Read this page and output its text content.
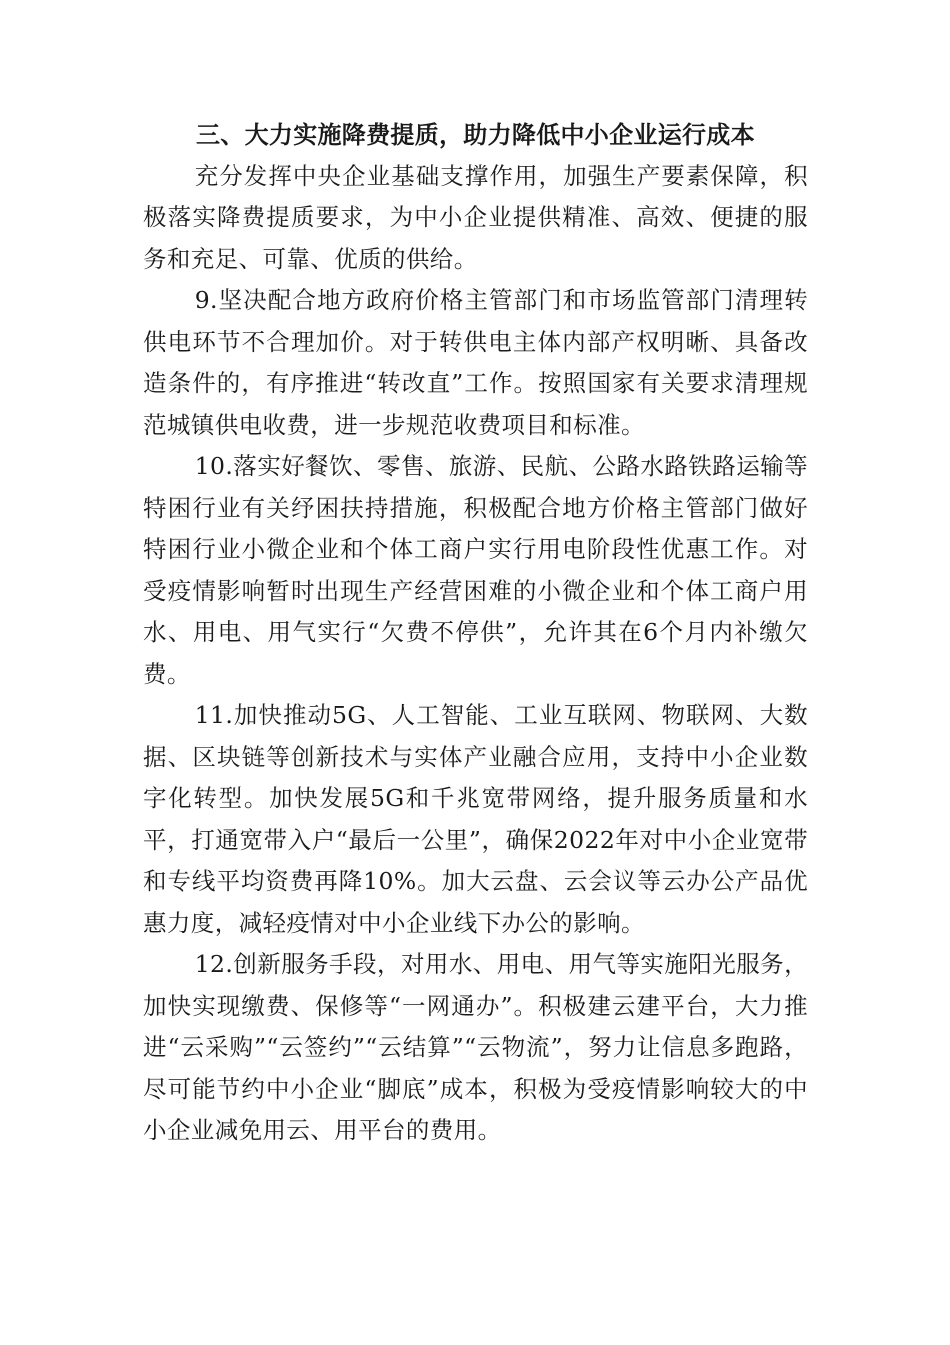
三、大力实施降费提质，助力降低中小企业运行成本

充分发挥中央企业基础支撑作用，加强生产要素保障，积极落实降费提质要求，为中小企业提供精准、高效、便捷的服务和充足、可靠、优质的供给。

9.坚决配合地方政府价格主管部门和市场监管部门清理转供电环节不合理加价。对于转供电主体内部产权明晰、具备改造条件的，有序推进“转改直”工作。按照国家有关要求清理规范城镇供电收费，进一步规范收费项目和标准。

10.落实好餐饮、零售、旅游、民航、公路水路铁路运输等特困行业有关纾困扶持措施，积极配合地方价格主管部门做好特困行业小微企业和个体工商户实行用电阶段性优惠工作。对受疫情影响暂时出现生产经营困难的小微企业和个体工商户用水、用电、用气实行“欠费不停供”，允许其在6个月内补缴欠费。

11.加快推动5G、人工智能、工业互联网、物联网、大数据、区块链等创新技术与实体产业融合应用，支持中小企业数字化转型。加快发展5G和千兆宽带网络，提升服务质量和水平，打通宽带入户“最后一公里”，确保2022年对中小企业宽带和专线平均资费再降10%。加大云盘、云会议等云办公产品优惠力度，减轻疫情对中小企业线下办公的影响。

12.创新服务手段，对用水、用电、用气等实施阳光服务，加快实现缴费、保修等“一网通办”。积极建云建平台，大力推进“云采购”“云签约”“云结算”“云物流”，努力让信息多跑路，尽可能节约中小企业“脚底”成本，积极为受疫情影响较大的中小企业减免用云、用平台的费用。
